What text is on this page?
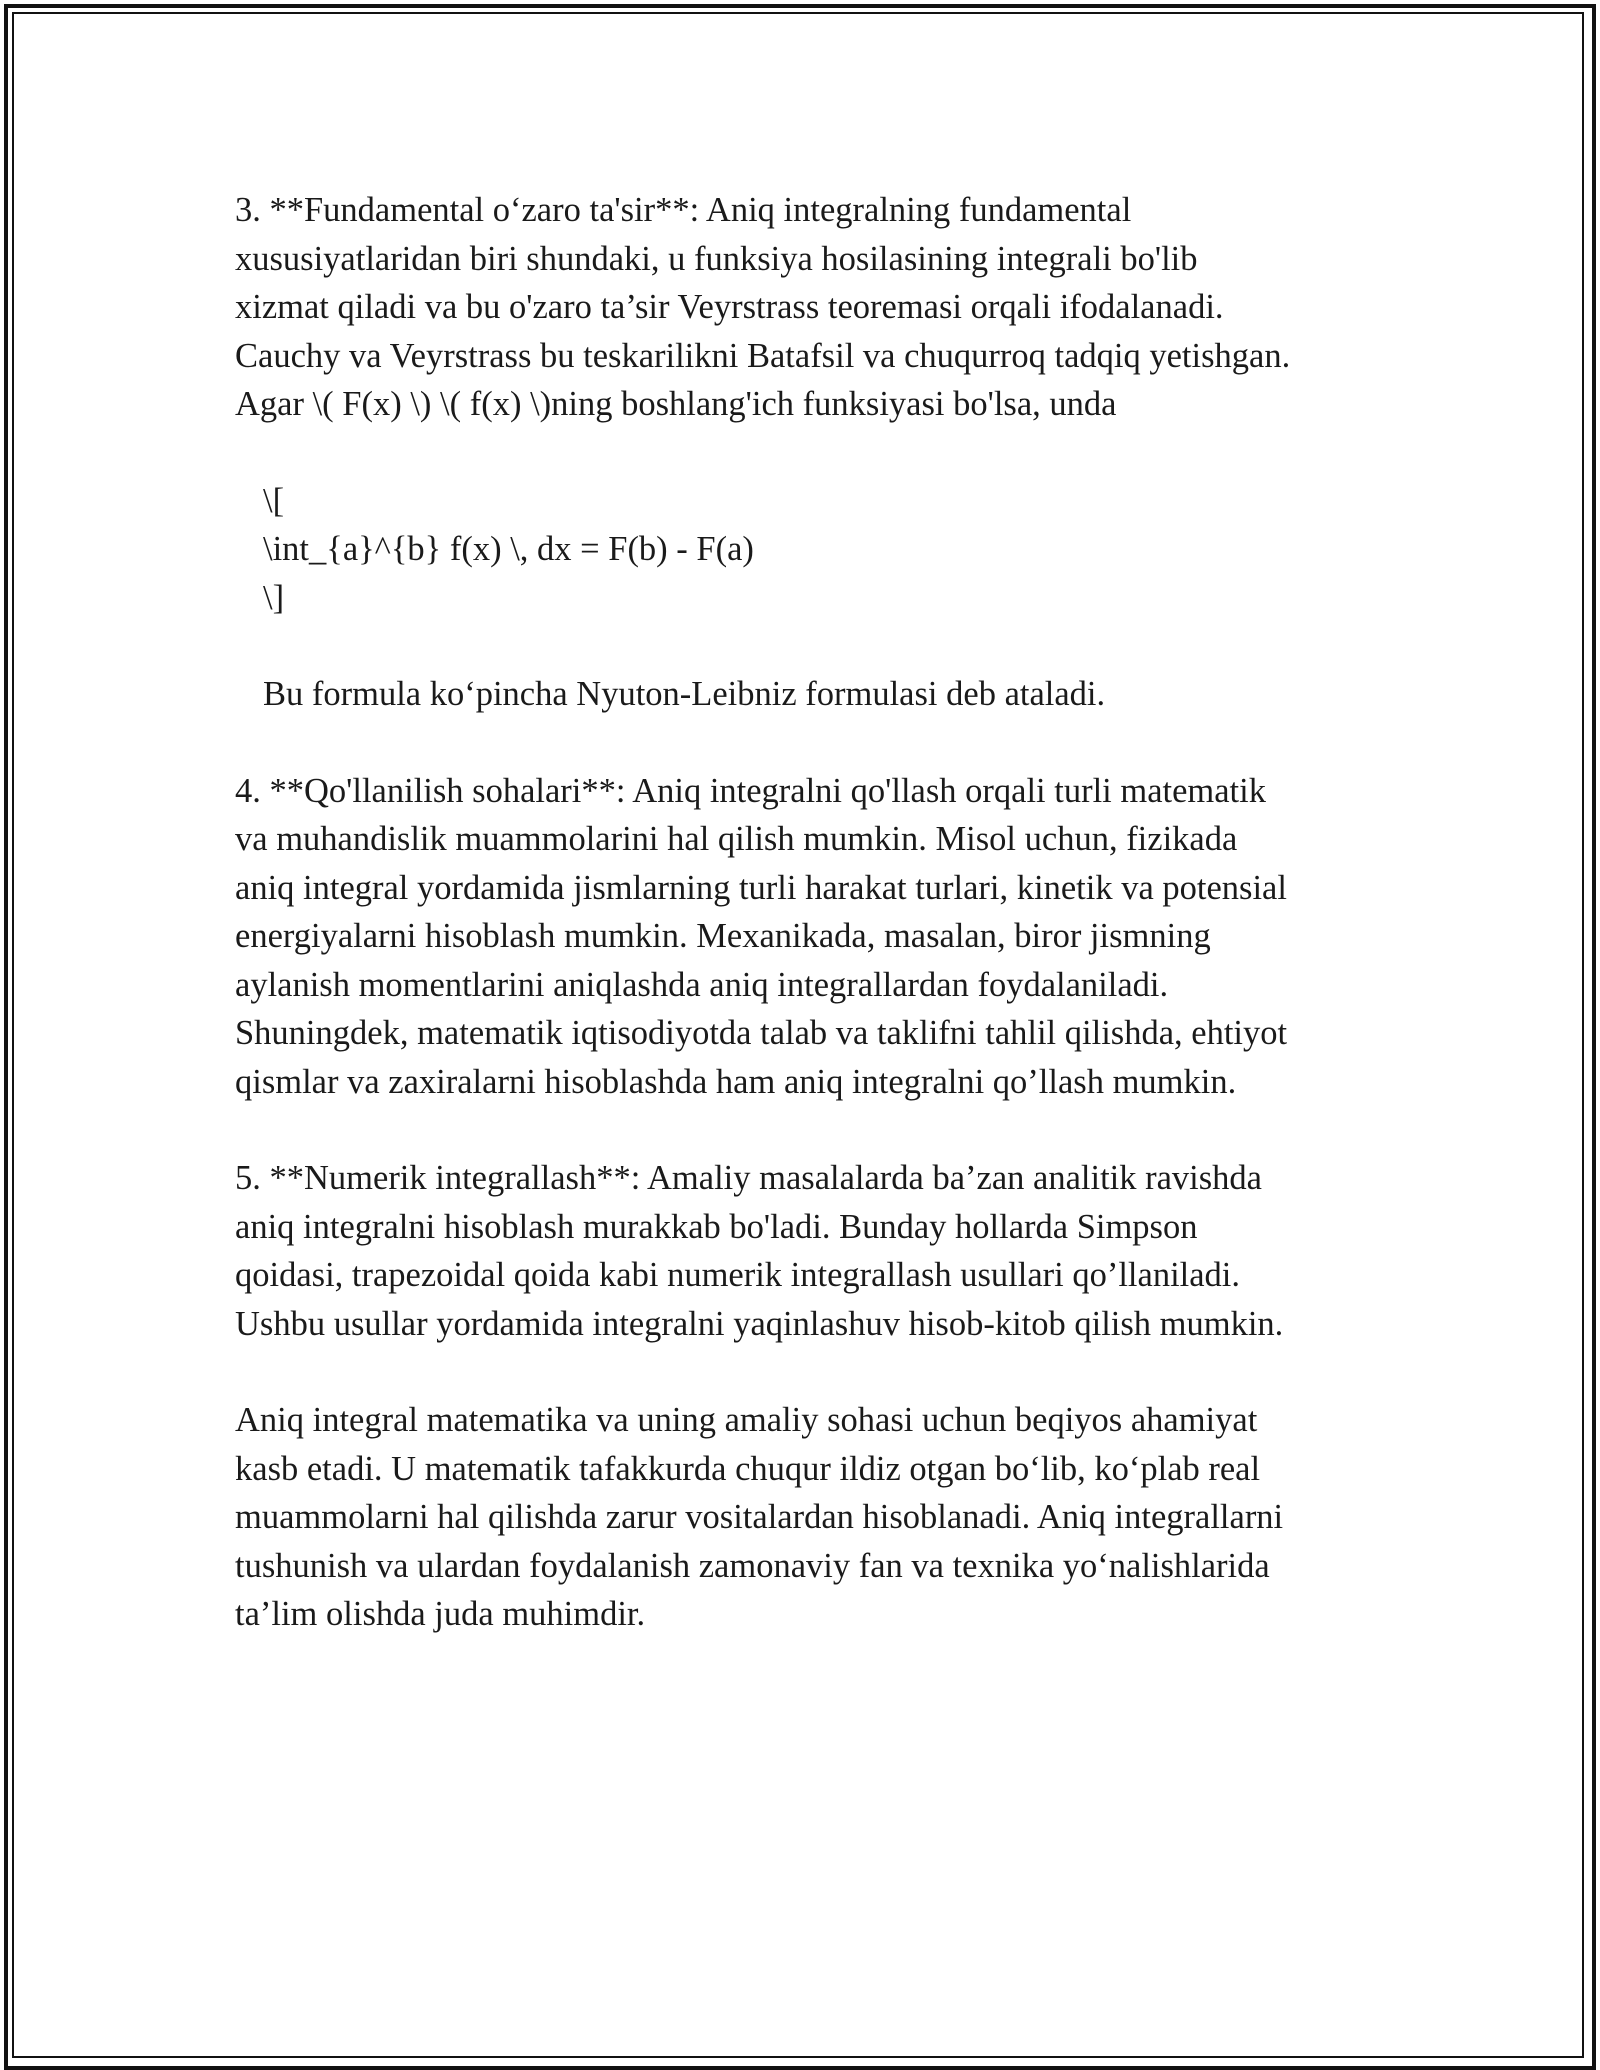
3. **Fundamental o‘zaro ta'sir**: Aniq integralning fundamental
xususiyatlaridan biri shundaki, u funksiya hosilasining integrali bo'lib
xizmat qiladi va bu o'zaro ta’sir Veyrstrass teoremasi orqali ifodalanadi.
Cauchy va Veyrstrass bu teskarilikni Batafsil va chuqurroq tadqiq yetishgan.
Agar \( F(x) \) \( f(x) \)ning boshlang'ich funksiyasi bo'lsa, unda
\[
\int_{a}^{b} f(x) \, dx = F(b) - F(a)
\]
Bu formula ko‘pincha Nyuton-Leibniz formulasi deb ataladi.
4. **Qo'llanilish sohalari**: Aniq integralni qo'llash orqali turli matematik
va muhandislik muammolarini hal qilish mumkin. Misol uchun, fizikada
aniq integral yordamida jismlarning turli harakat turlari, kinetik va potensial
energiyalarni hisoblash mumkin. Mexanikada, masalan, biror jismning
aylanish momentlarini aniqlashda aniq integrallardan foydalaniladi.
Shuningdek, matematik iqtisodiyotda talab va taklifni tahlil qilishda, ehtiyot
qismlar va zaxiralarni hisoblashda ham aniq integralni qo’llash mumkin.
5. **Numerik integrallash**: Amaliy masalalarda ba’zan analitik ravishda
aniq integralni hisoblash murakkab bo'ladi. Bunday hollarda Simpson
qoidasi, trapezoidal qoida kabi numerik integrallash usullari qo’llaniladi.
Ushbu usullar yordamida integralni yaqinlashuv hisob-kitob qilish mumkin.
Aniq integral matematika va uning amaliy sohasi uchun beqiyos ahamiyat
kasb etadi. U matematik tafakkurda chuqur ildiz otgan bo‘lib, ko‘plab real
muammolarni hal qilishda zarur vositalardan hisoblanadi. Aniq integrallarni
tushunish va ulardan foydalanish zamonaviy fan va texnika yo‘nalishlarida
ta’lim olishda juda muhimdir.
